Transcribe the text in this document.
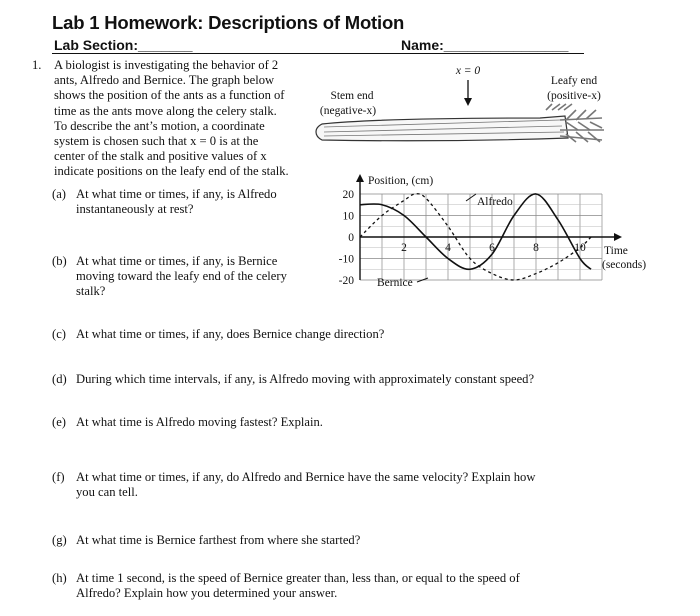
Lab 1 Homework: Descriptions of Motion
Lab Section:_______	Name:________________
1. A biologist is investigating the behavior of 2
ants, Alfredo and Bernice. The graph below
shows the position of the ants as a function of
time as the ants move along the celery stalk.
To describe the ant’s motion, a coordinate
system is chosen such that x = 0 is at the
center of the stalk and positive values of x
indicate positions on the leafy end of the stalk.
(a) At what time or times, if any, is Alfredo
instantaneously at rest?
(b) At what time or times, if any, is Bernice
moving toward the leafy end of the celery
stalk?
(c) At what time or times, if any, does Bernice change direction?
(d) During which time intervals, if any, is Alfredo moving with approximately constant speed?
(e) At what time is Alfredo moving fastest? Explain.
(f) At what time or times, if any, do Alfredo and Bernice have the same velocity? Explain how
you can tell.
(g) At what time is Bernice farthest from where she started?
(h) At time 1 second, is the speed of Bernice greater than, less than, or equal to the speed of
Alfredo? Explain how you determined your answer.
x = 0
Stem end
(negative-x)
Leafy end
(positive-x)
20
10
0
-10
-20
2	4	6	8	10
Position, (cm)
Time
(seconds)
Alfredo
Bernice
